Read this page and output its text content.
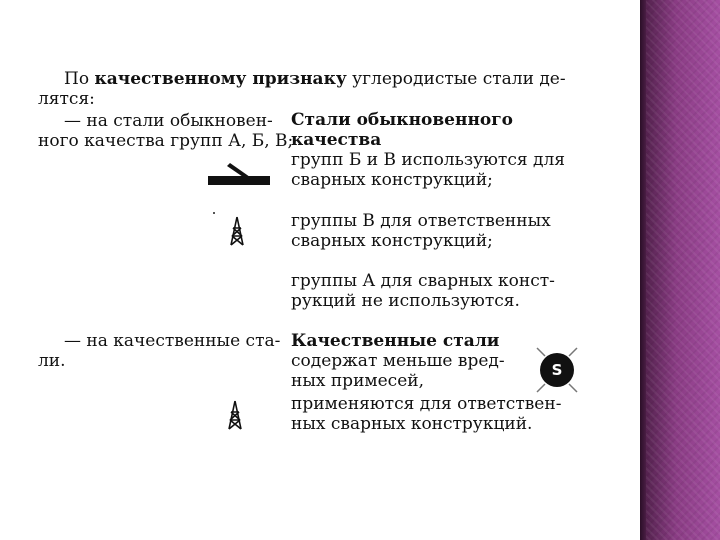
По качественному признаку углеродистые стали де-
лятся:
— на стали обыкновен-
ного качества групп А, Б, В;
Стали обыкновенного
качества
групп Б и В используются для
сварных конструкций;
группы В для ответственных
сварных конструкций;
группы А для сварных конст-
рукций не используются.
— на качественные ста-
ли.
Качественные стали
содержат меньше вред-
ных примесей,
применяются для ответствен-
ных сварных конструкций.
S
